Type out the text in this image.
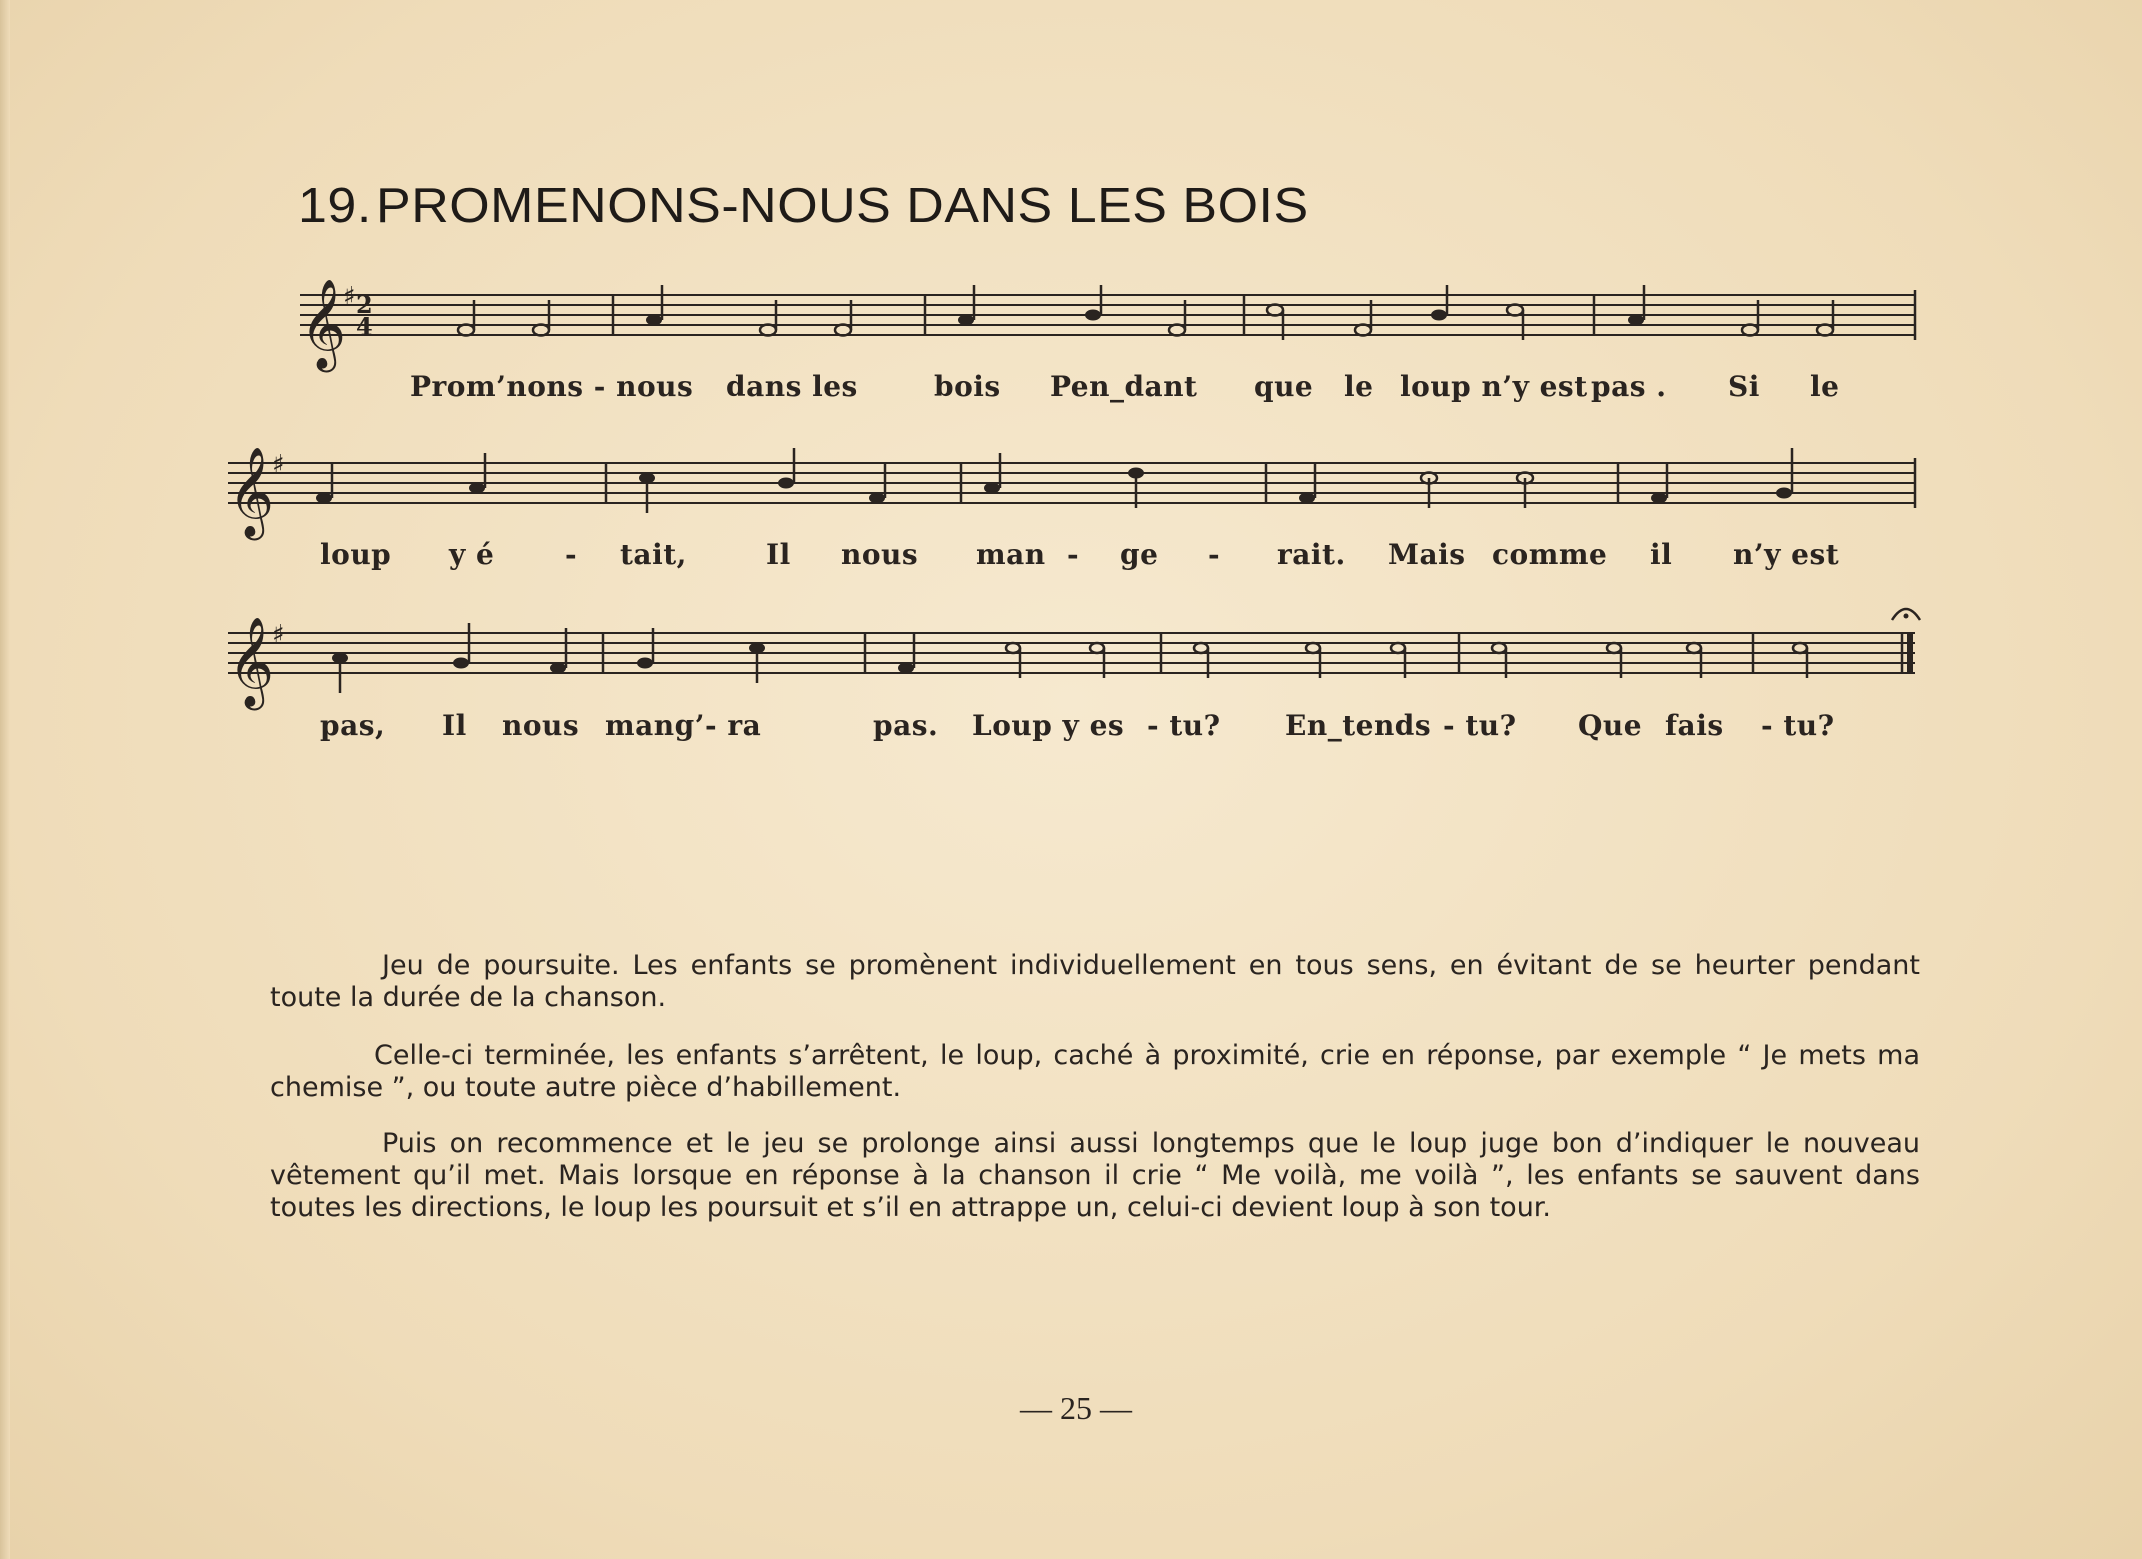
19.PROMENONS-NOUS DANS LES BOIS
𝄞
♯ 2
4
Prom’nons - nous dans les	bois Pen_dant que le loup n’y est pas . Si le
𝄞
♯
loup y é	- tait,	Il nous man - ge - rait. Mais comme il n’y est
𝄞
♯
pas, Il nous mang’- ra	pas. Loup y es - tu? En_tends - tu? Que fais - tu?

Jeu de poursuite. Les enfants se promènent individuellement en tous sens, en évitant de se heurter pendant toute la durée de la chanson.

Celle-ci terminée, les enfants s’arrêtent, le loup, caché à proximité, crie en réponse, par exemple “ Je mets ma chemise ”, ou toute autre pièce d’habillement.

Puis on recommence et le jeu se prolonge ainsi aussi longtemps que le loup juge bon d’indiquer le nouveau vêtement qu’il met. Mais lorsque en réponse à la chanson il crie “ Me voilà, me voilà ”, les enfants se sauvent dans toutes les directions, le loup les poursuit et s’il en attrappe un, celui-ci devient loup à son tour.

— 25 —
